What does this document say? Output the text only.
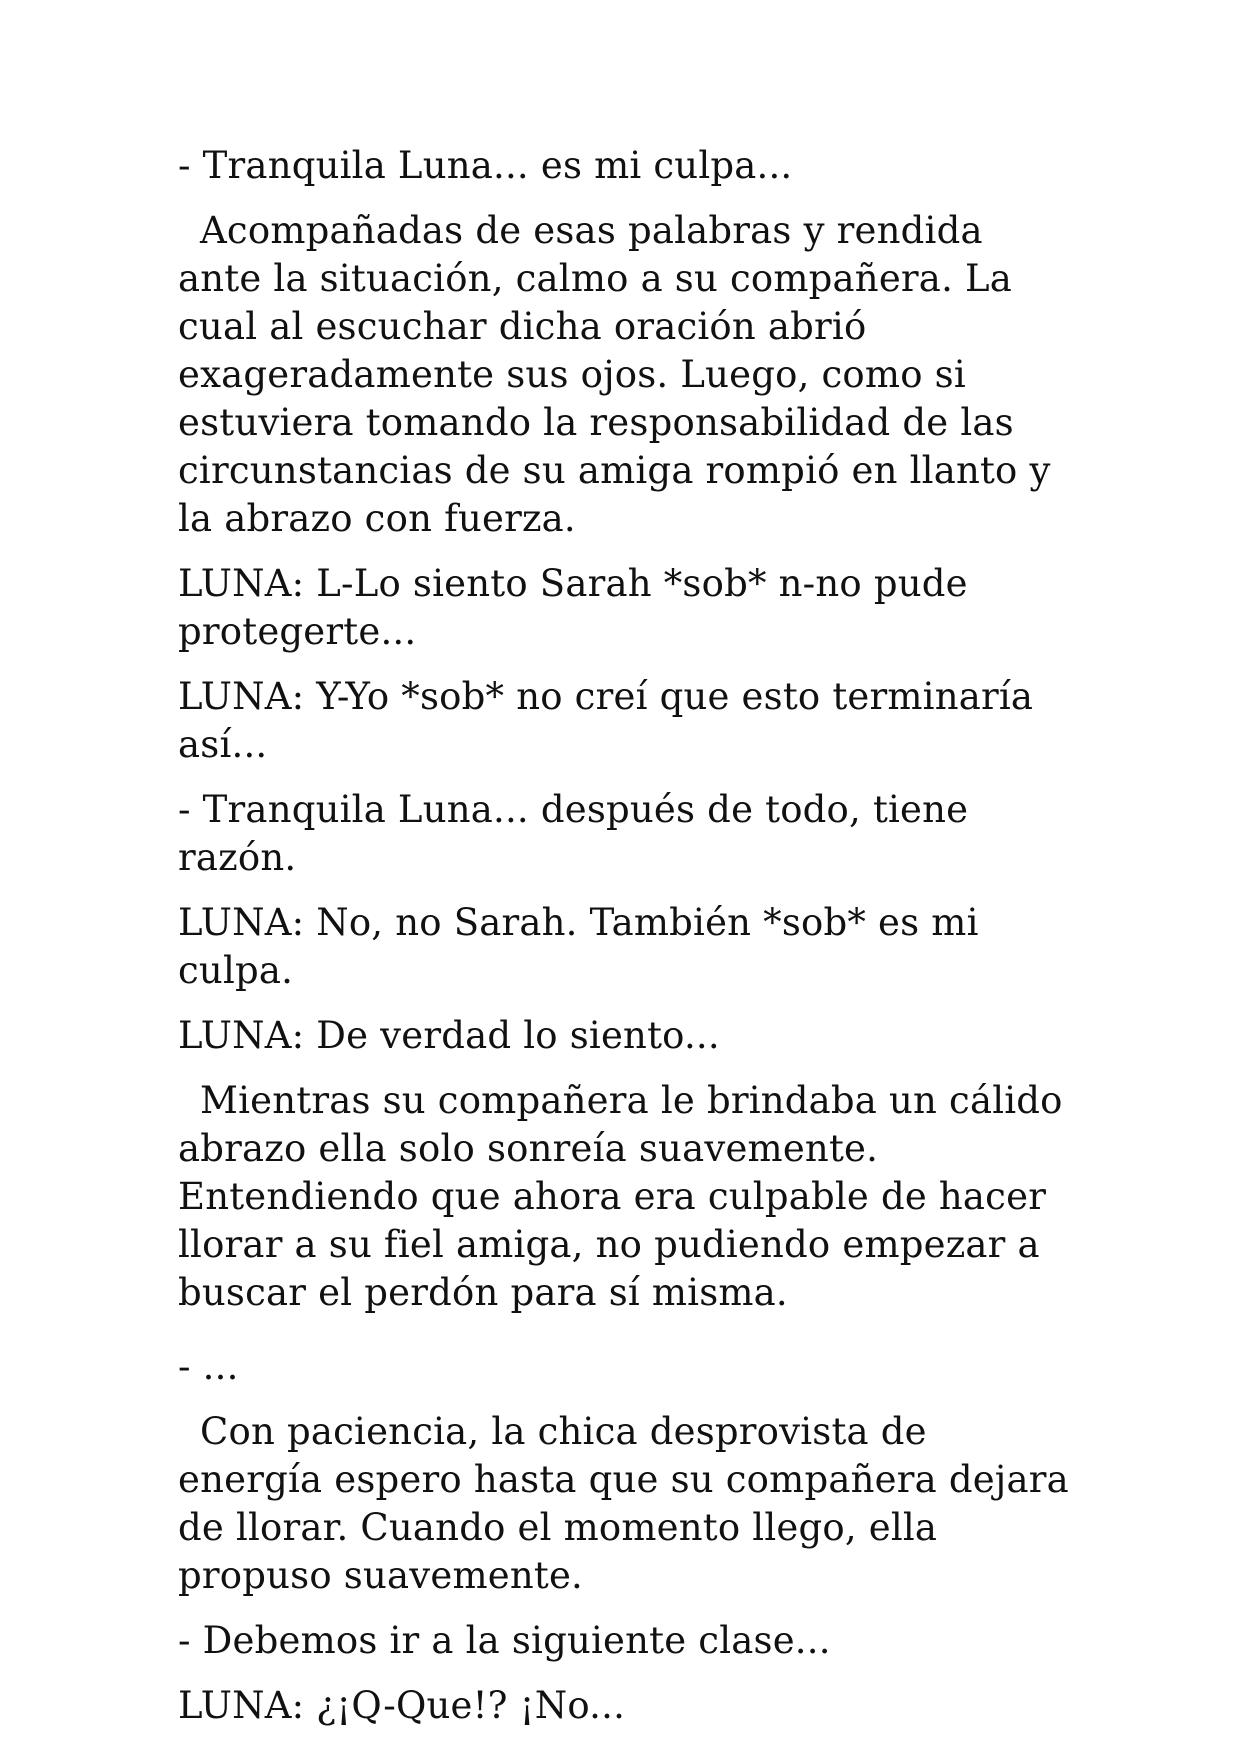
- Tranquila Luna... es mi culpa...

Acompañadas de esas palabras y rendida ante la situación, calmo a su compañera. La cual al escuchar dicha oración abrió exageradamente sus ojos. Luego, como si estuviera tomando la responsabilidad de las circunstancias de su amiga rompió en llanto y la abrazo con fuerza.

LUNA: L-Lo siento Sarah *sob* n-no pude protegerte...

LUNA: Y-Yo *sob* no creí que esto terminaría así...

- Tranquila Luna... después de todo, tiene razón.

LUNA: No, no Sarah. También *sob* es mi culpa.

LUNA: De verdad lo siento...

Mientras su compañera le brindaba un cálido abrazo ella solo sonreía suavemente. Entendiendo que ahora era culpable de hacer llorar a su fiel amiga, no pudiendo empezar a buscar el perdón para sí misma.

- ...

Con paciencia, la chica desprovista de energía espero hasta que su compañera dejara de llorar. Cuando el momento llego, ella propuso suavemente.

- Debemos ir a la siguiente clase...

LUNA: ¿¡Q-Que!? ¡No...
